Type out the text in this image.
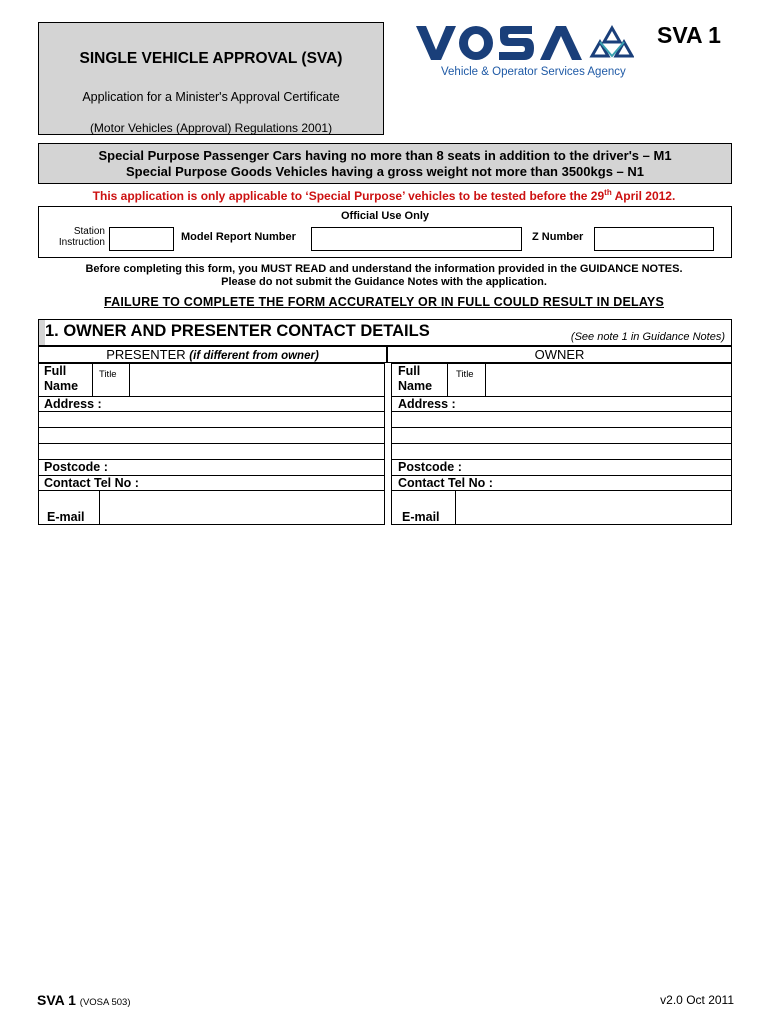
SINGLE VEHICLE APPROVAL (SVA)
Application for a Minister's Approval Certificate
(Motor Vehicles (Approval) Regulations 2001)
Vehicle & Operator Services Agency
SVA 1
Special Purpose Passenger Cars having no more than 8 seats in addition to the driver's – M1
Special Purpose Goods Vehicles having a gross weight not more than 3500kgs – N1
This application is only applicable to ‘Special Purpose’ vehicles to be tested before the 29th April 2012.
Official Use Only
Station
Instruction	Model Report Number	Z Number
Before completing this form, you MUST READ and understand the information provided in the GUIDANCE NOTES.
Please do not submit the Guidance Notes with the application.
FAILURE TO COMPLETE THE FORM ACCURATELY OR IN FULL COULD RESULT IN DELAYS
1. OWNER AND PRESENTER CONTACT DETAILS	(See note 1 in Guidance Notes)
PRESENTER (if different from owner)	OWNER
Full
Name
Title
Address :
Postcode :
Contact Tel No :
E-mail
Full
Name
Title
Address :
Postcode :
Contact Tel No :
E-mail
SVA 1 (VOSA 503)	v2.0 Oct 2011
